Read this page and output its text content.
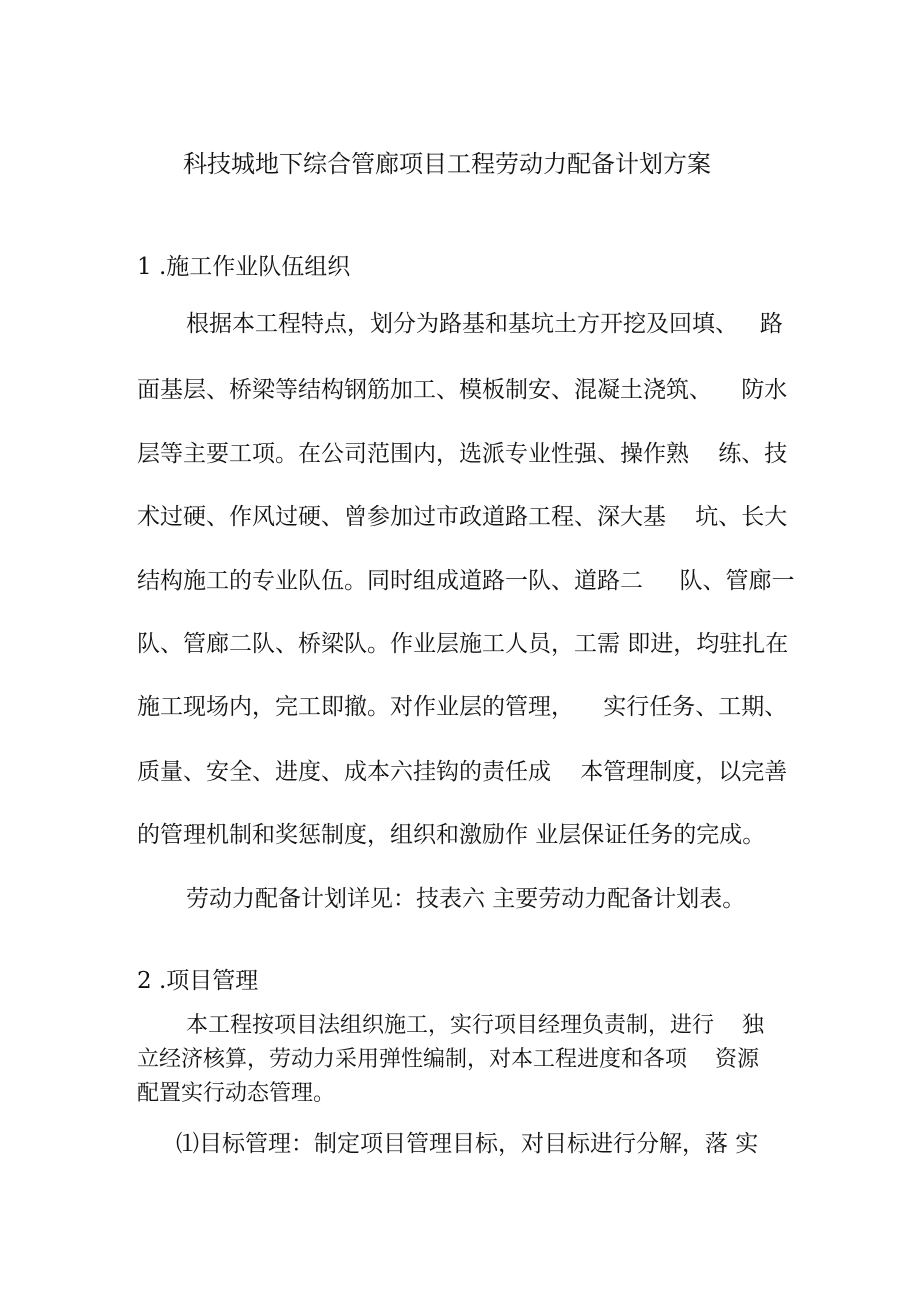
科技城地下综合管廊项目工程劳动力配备计划方案
1 .施工作业队伍组织
根据本工程特点，划分为路基和基坑土方开挖及回填、   路
面基层、桥梁等结构钢筋加工、模板制安、混凝土浇筑、    防水
层等主要工项。在公司范围内，选派专业性强、操作熟    练、技
术过硬、作风过硬、曾参加过市政道路工程、深大基    坑、长大
结构施工的专业队伍。同时组成道路一队、道路二     队、管廊一
队、管廊二队、桥梁队。作业层施工人员，工需 即进，均驻扎在
施工现场内，完工即撤。对作业层的管理，    实行任务、工期、
质量、安全、进度、成本六挂钩的责任成    本管理制度，以完善
的管理机制和奖惩制度，组织和激励作 业层保证任务的完成。
劳动力配备计划详见：技表六 主要劳动力配备计划表。
2 .项目管理
本工程按项目法组织施工，实行项目经理负责制，进行    独
立经济核算，劳动力采用弹性编制，对本工程进度和各项    资源
配置实行动态管理。
⑴目标管理：制定项目管理目标，对目标进行分解，落 实
